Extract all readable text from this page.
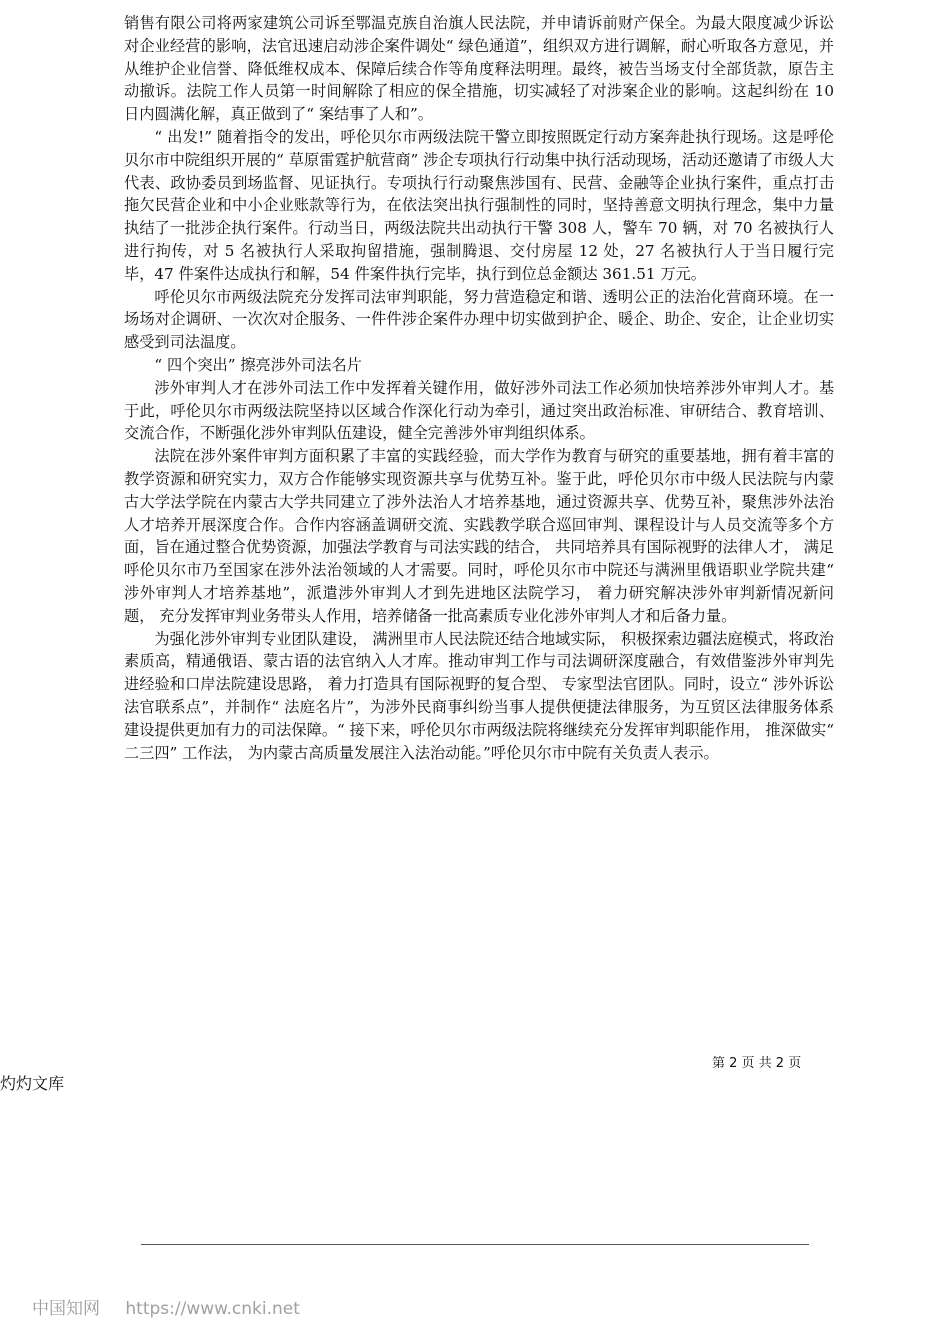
销售有限公司将两家建筑公司诉至鄂温克族自治旗人民法院，并申请诉前财产保全。为最大限度减少诉讼对企业经营的影响，法官迅速启动涉企案件调处“ 绿色通道”，组织双方进行调解，耐心听取各方意见，并从维护企业信誉、降低维权成本、保障后续合作等角度释法明理。最终，被告当场支付全部货款，原告主动撤诉。法院工作人员第一时间解除了相应的保全措施，切实减轻了对涉案企业的影响。这起纠纷在 10 日内圆满化解，真正做到了“ 案结事了人和”。

“ 出发!” 随着指令的发出，呼伦贝尔市两级法院干警立即按照既定行动方案奔赴执行现场。这是呼伦贝尔市中院组织开展的“ 草原雷霆护航营商” 涉企专项执行行动集中执行活动现场，活动还邀请了市级人大代表、政协委员到场监督、见证执行。专项执行行动聚焦涉国有、民营、金融等企业执行案件，重点打击拖欠民营企业和中小企业账款等行为，在依法突出执行强制性的同时，坚持善意文明执行理念，集中力量执结了一批涉企执行案件。行动当日，两级法院共出动执行干警 308 人，警车 70 辆，对 70 名被执行人进行拘传，对 5 名被执行人采取拘留措施，强制腾退、交付房屋 12 处，27 名被执行人于当日履行完毕，47 件案件达成执行和解，54 件案件执行完毕，执行到位总金额达 361.51 万元。

呼伦贝尔市两级法院充分发挥司法审判职能，努力营造稳定和谐、透明公正的法治化营商环境。在一场场对企调研、一次次对企服务、一件件涉企案件办理中切实做到护企、暖企、助企、安企，让企业切实感受到司法温度。

“ 四个突出” 擦亮涉外司法名片

涉外审判人才在涉外司法工作中发挥着关键作用，做好涉外司法工作必须加快培养涉外审判人才。基于此，呼伦贝尔市两级法院坚持以区域合作深化行动为牵引，通过突出政治标准、审研结合、教育培训、交流合作，不断强化涉外审判队伍建设，健全完善涉外审判组织体系。

法院在涉外案件审判方面积累了丰富的实践经验，而大学作为教育与研究的重要基地，拥有着丰富的教学资源和研究实力，双方合作能够实现资源共享与优势互补。鉴于此，呼伦贝尔市中级人民法院与内蒙古大学法学院在内蒙古大学共同建立了涉外法治人才培养基地，通过资源共享、优势互补，聚焦涉外法治人才培养开展深度合作。合作内容涵盖调研交流、实践教学联合巡回审判、课程设计与人员交流等多个方面，旨在通过整合优势资源，加强法学教育与司法实践的结合， 共同培养具有国际视野的法律人才， 满足呼伦贝尔市乃至国家在涉外法治领域的人才需要。同时，呼伦贝尔市中院还与满洲里俄语职业学院共建“ 涉外审判人才培养基地”，派遣涉外审判人才到先进地区法院学习， 着力研究解决涉外审判新情况新问题， 充分发挥审判业务带头人作用，培养储备一批高素质专业化涉外审判人才和后备力量。

为强化涉外审判专业团队建设， 满洲里市人民法院还结合地域实际， 积极探索边疆法庭模式，将政治素质高，精通俄语、蒙古语的法官纳入人才库。推动审判工作与司法调研深度融合，有效借鉴涉外审判先进经验和口岸法院建设思路， 着力打造具有国际视野的复合型、 专家型法官团队。同时，设立“ 涉外诉讼法官联系点”，并制作“ 法庭名片”，为涉外民商事纠纷当事人提供便捷法律服务，为互贸区法律服务体系建设提供更加有力的司法保障。“ 接下来，呼伦贝尔市两级法院将继续充分发挥审判职能作用， 推深做实“ 二三四” 工作法， 为内蒙古高质量发展注入法治动能。”呼伦贝尔市中院有关负责人表示。

第 2 页 共 2 页
灼灼文库
中国知网 https://www.cnki.net
